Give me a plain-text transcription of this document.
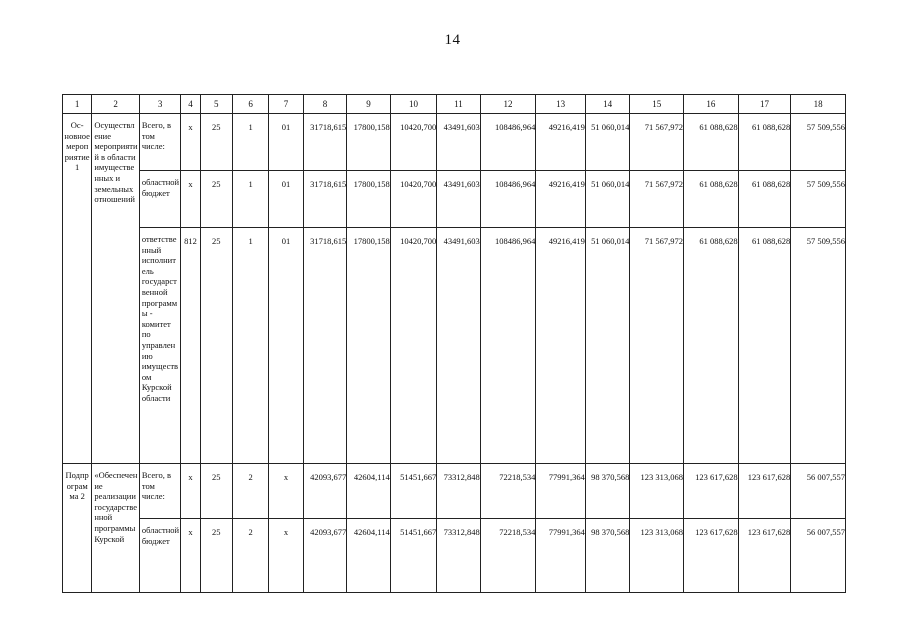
14
1	2	3	4	5	6	7	8	9	10	11	12	13	14	15	16	17	18
Ос-новное мероприятие 1	Осуществление мероприятий в области имущественных и земельных отношений	Всего, в том числе:	x	25	1	01	31718,615	17800,158	10420,700	43491,603	108486,964	49216,419	51 060,014	71 567,972	61 088,628	61 088,628	57 509,556
		областной бюджет	x	25	1	01	31718,615	17800,158	10420,700	43491,603	108486,964	49216,419	51 060,014	71 567,972	61 088,628	61 088,628	57 509,556
		ответственный исполнитель государственной программы - комитет по управлению имуществом Курской области	812	25	1	01	31718,615	17800,158	10420,700	43491,603	108486,964	49216,419	51 060,014	71 567,972	61 088,628	61 088,628	57 509,556
Подпрограмма 2	«Обеспечение реализации государственной программы Курской	Всего, в том числе:	x	25	2	x	42093,677	42604,114	51451,667	73312,848	72218,534	77991,364	98 370,568	123 313,068	123 617,628	123 617,628	56 007,557
		областной бюджет	x	25	2	x	42093,677	42604,114	51451,667	73312,848	72218,534	77991,364	98 370,568	123 313,068	123 617,628	123 617,628	56 007,557
